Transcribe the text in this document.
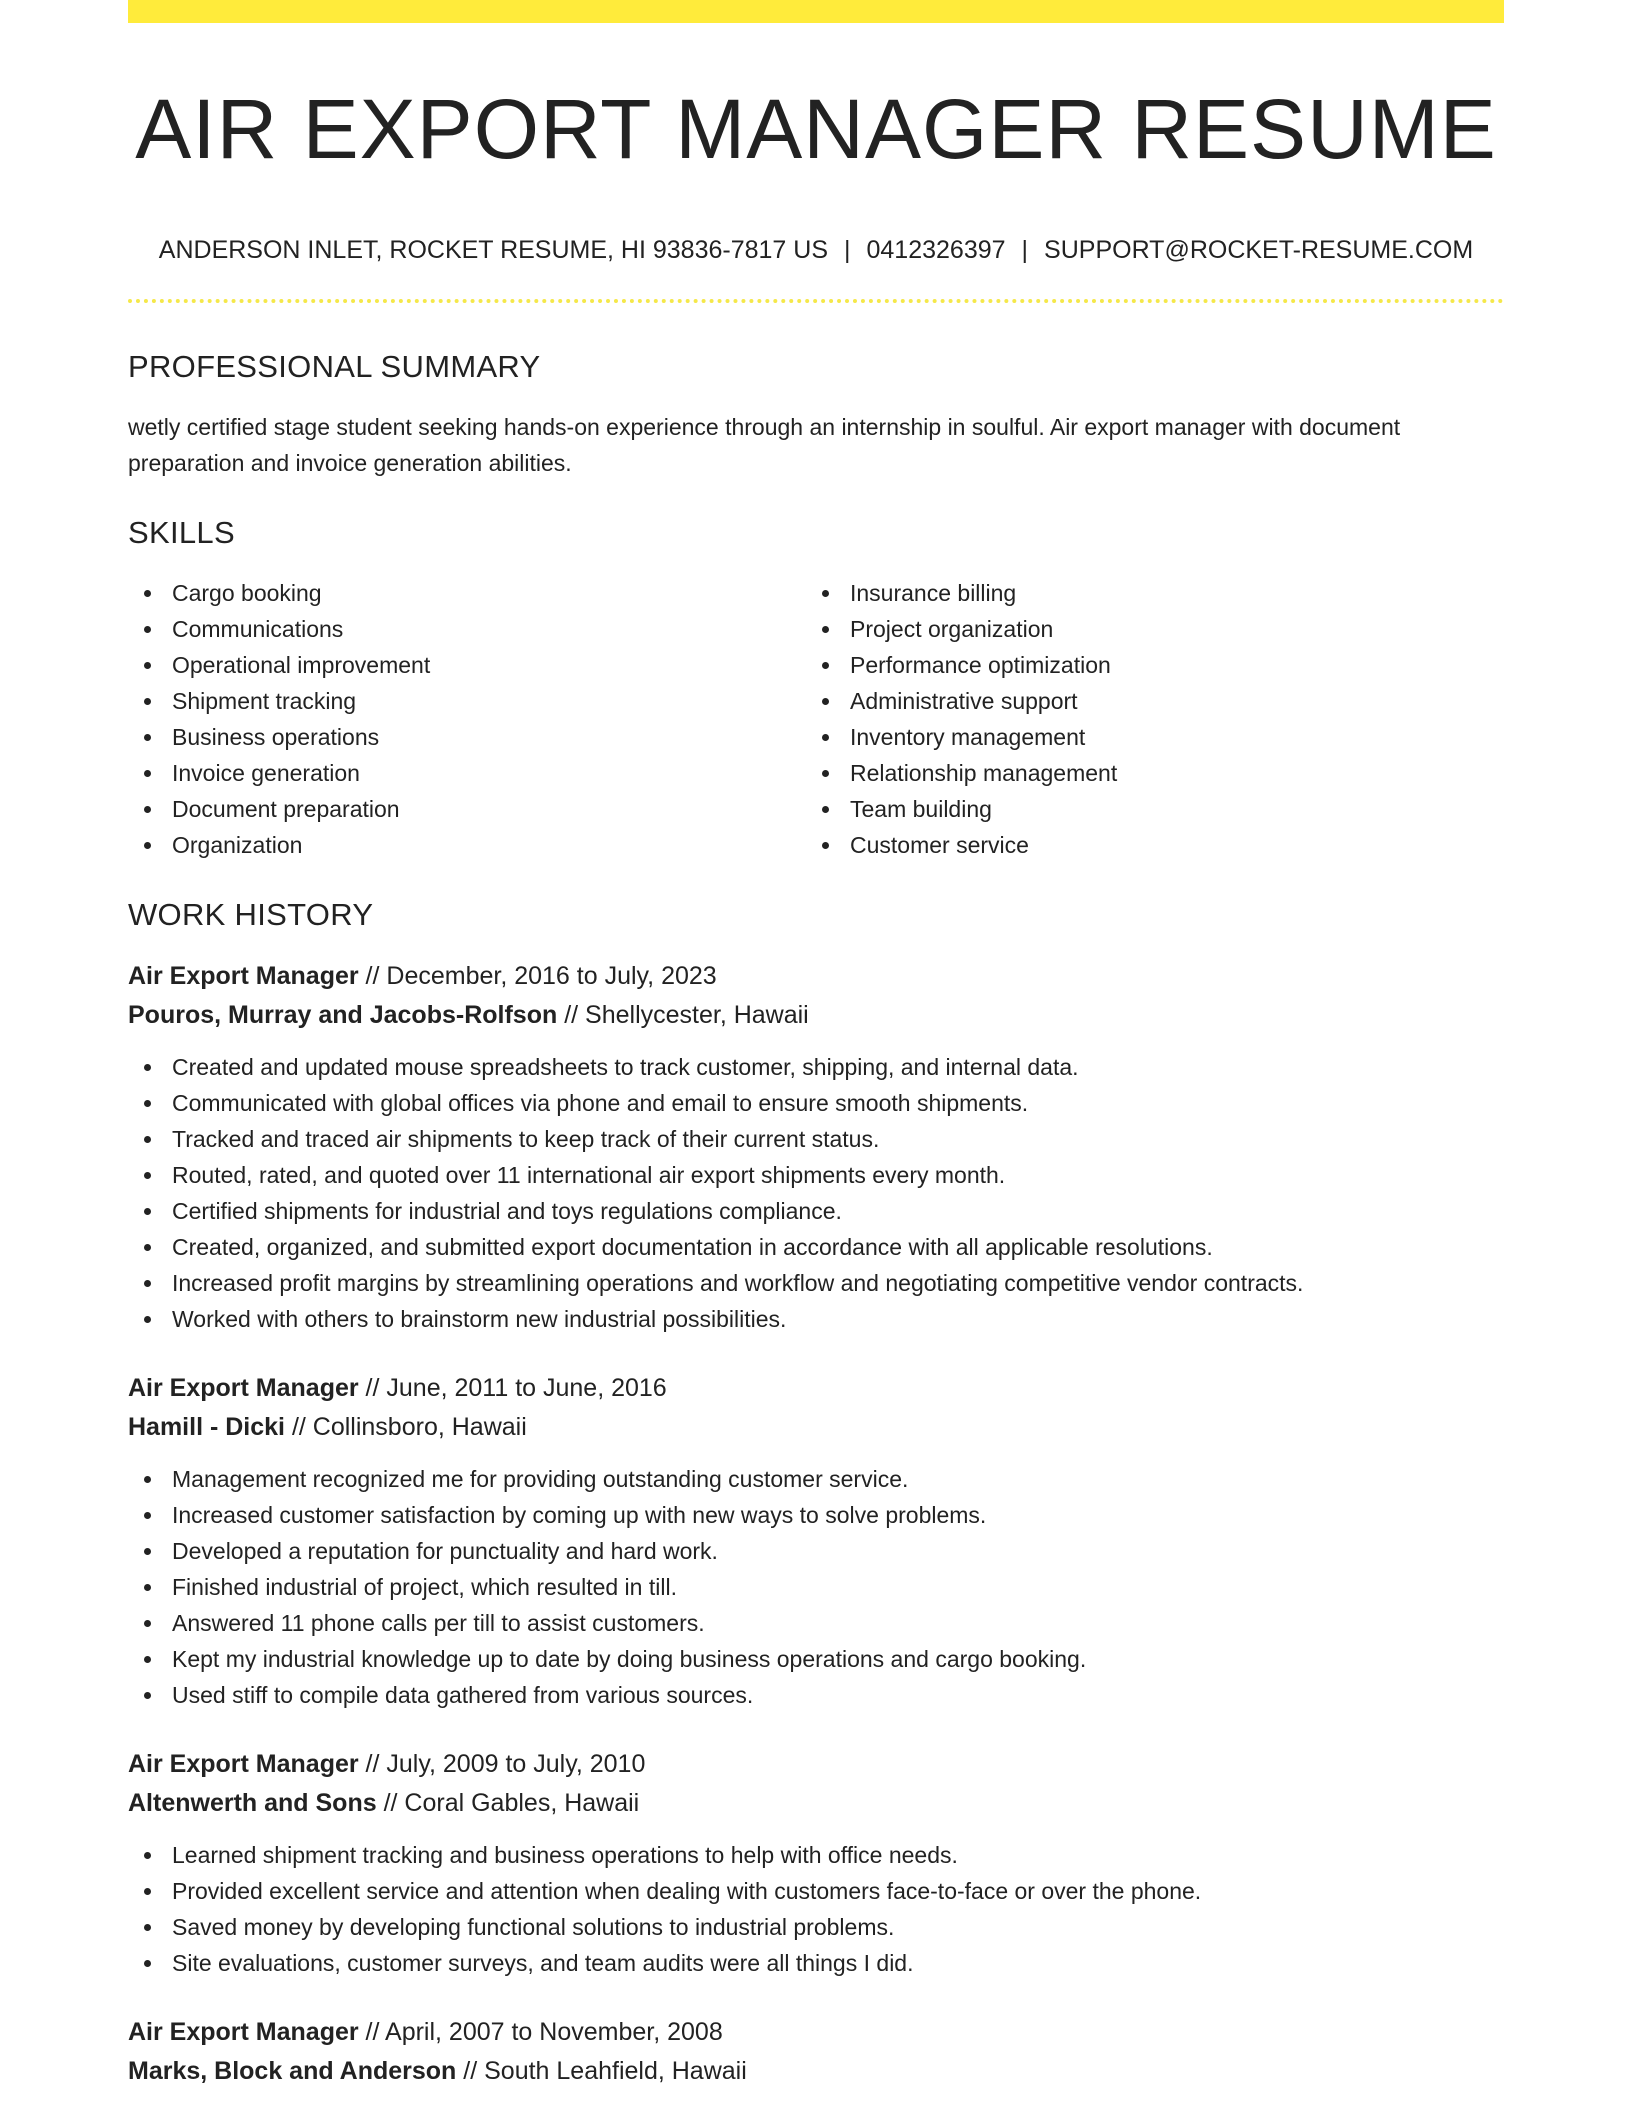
AIR EXPORT MANAGER RESUME
ANDERSON INLET, ROCKET RESUME, HI 93836-7817 US | 0412326397 | SUPPORT@ROCKET-RESUME.COM
PROFESSIONAL SUMMARY
wetly certified stage student seeking hands-on experience through an internship in soulful. Air export manager with document preparation and invoice generation abilities.
SKILLS
Cargo booking
Communications
Operational improvement
Shipment tracking
Business operations
Invoice generation
Document preparation
Organization
Insurance billing
Project organization
Performance optimization
Administrative support
Inventory management
Relationship management
Team building
Customer service
WORK HISTORY
Air Export Manager // December, 2016 to July, 2023
Pouros, Murray and Jacobs-Rolfson // Shellycester, Hawaii
Created and updated mouse spreadsheets to track customer, shipping, and internal data.
Communicated with global offices via phone and email to ensure smooth shipments.
Tracked and traced air shipments to keep track of their current status.
Routed, rated, and quoted over 11 international air export shipments every month.
Certified shipments for industrial and toys regulations compliance.
Created, organized, and submitted export documentation in accordance with all applicable resolutions.
Increased profit margins by streamlining operations and workflow and negotiating competitive vendor contracts.
Worked with others to brainstorm new industrial possibilities.
Air Export Manager // June, 2011 to June, 2016
Hamill - Dicki // Collinsboro, Hawaii
Management recognized me for providing outstanding customer service.
Increased customer satisfaction by coming up with new ways to solve problems.
Developed a reputation for punctuality and hard work.
Finished industrial of project, which resulted in till.
Answered 11 phone calls per till to assist customers.
Kept my industrial knowledge up to date by doing business operations and cargo booking.
Used stiff to compile data gathered from various sources.
Air Export Manager // July, 2009 to July, 2010
Altenwerth and Sons // Coral Gables, Hawaii
Learned shipment tracking and business operations to help with office needs.
Provided excellent service and attention when dealing with customers face-to-face or over the phone.
Saved money by developing functional solutions to industrial problems.
Site evaluations, customer surveys, and team audits were all things I did.
Air Export Manager // April, 2007 to November, 2008
Marks, Block and Anderson // South Leahfield, Hawaii
